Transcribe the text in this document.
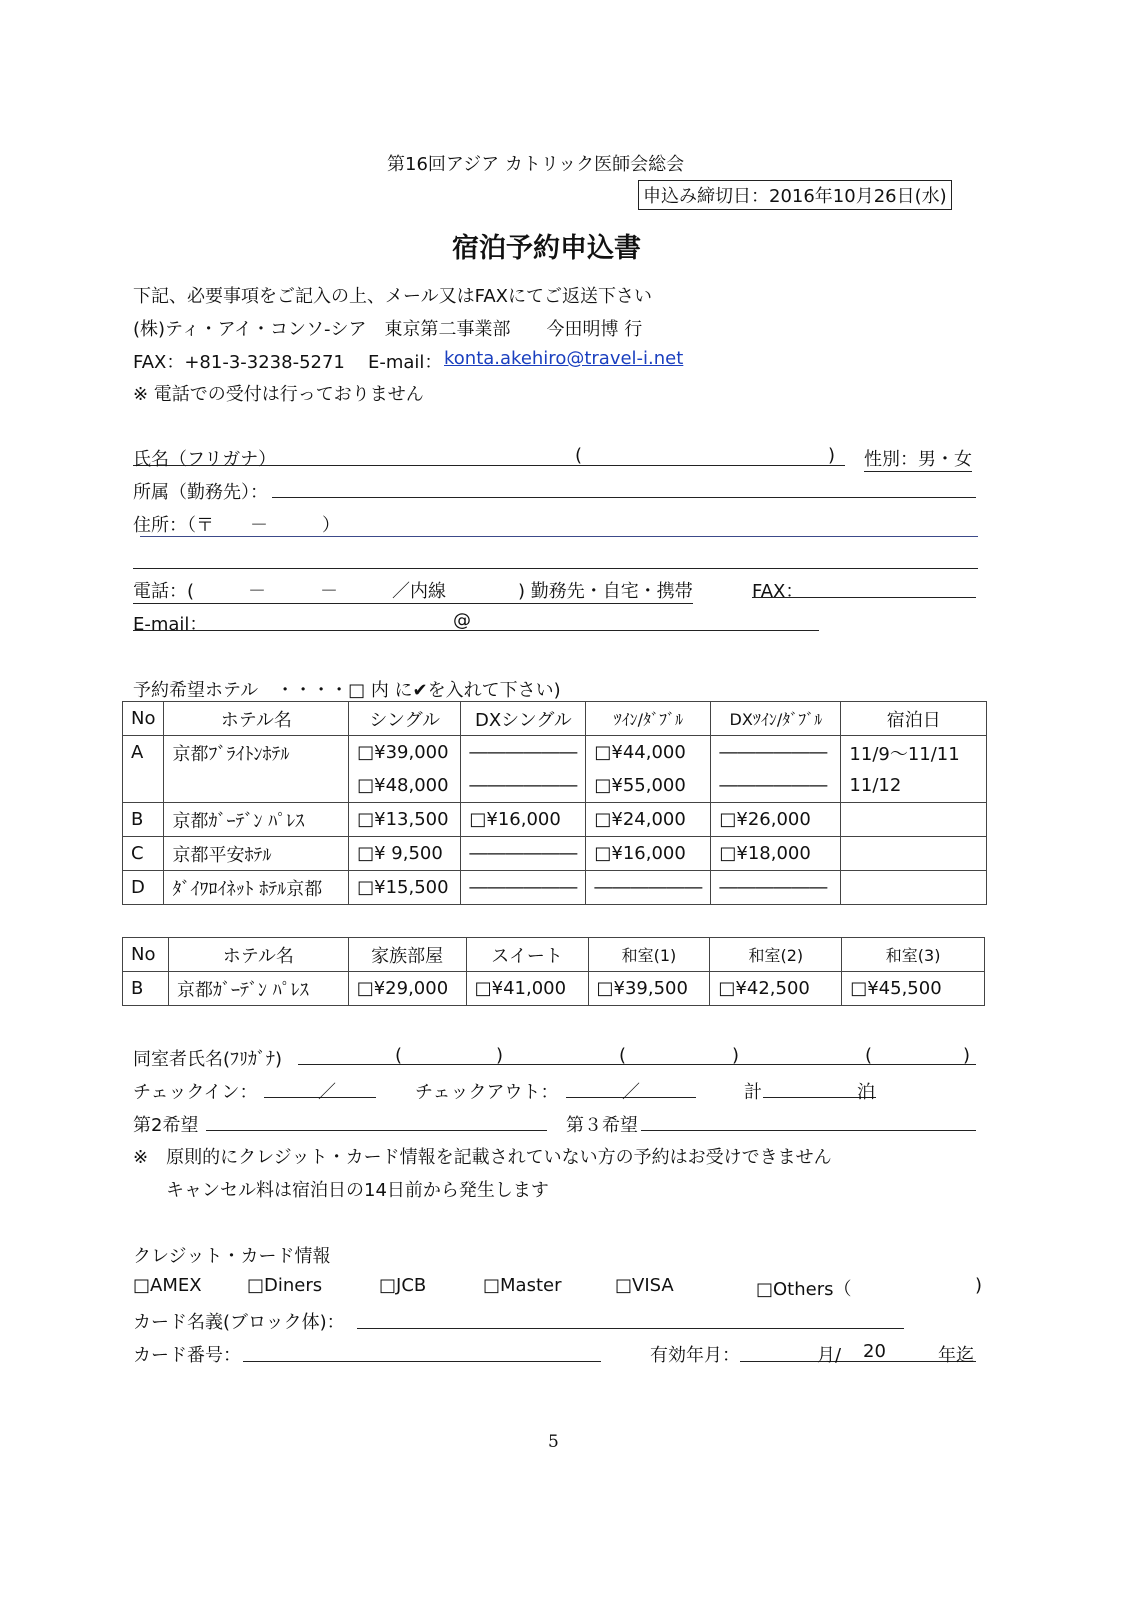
第16回アジア カトリック医師会総会
申込み締切日：2016年10月26日(水)
宿泊予約申込書
下記、必要事項をご記入の上、メール又はFAXにてご返送下さい
(株)ティ・アイ・コンソ-シア　東京第二事業部　　今田明博 行
FAX：+81-3-3238-5271 E-mail： konta.akehiro@travel-i.net
※ 電話での受付は行っておりません
氏名（フリガナ）	(	) 性別：男・女
所属（勤務先）：
住所：（〒　　－　　　）
電話：(　　　－　　　－　　　／内線　　　　) 勤務先・自宅・携帯	FAX：
E-mail：	@
予約希望ホテル　・・・・□ 内 に✔を入れて下さい)
No	ホテル名	シングル	DXシングル	ﾂｲﾝ/ﾀﾞﾌﾞﾙ	DXﾂｲﾝ/ﾀﾞﾌﾞﾙ	宿泊日
A	京都ﾌﾞﾗｲﾄﾝﾎﾃﾙ	□¥39,000	――――――	□¥44,000	――――――	11/9～11/11
		□¥48,000	――――――	□¥55,000	――――――	11/12
B	京都ｶﾞｰﾃﾞﾝ ﾊﾟﾚｽ	□¥13,500	□¥16,000	□¥24,000	□¥26,000	
C	京都平安ﾎﾃﾙ	□¥ 9,500	――――――	□¥16,000	□¥18,000	
D	ﾀﾞｲﾜﾛｲﾈｯﾄ ﾎﾃﾙ京都	□¥15,500	――――――	――――――	――――――	
No	ホテル名	家族部屋	スイート	和室(1)	和室(2)	和室(3)
B	京都ｶﾞｰﾃﾞﾝ ﾊﾟﾚｽ	□¥29,000	□¥41,000	□¥39,500	□¥42,500	□¥45,500
同室者氏名(ﾌﾘｶﾞﾅ)	(	)	(	)	(	)
チェックイン：	／	チェックアウト：	／	計	泊
第2希望	第３希望
※　原則的にクレジット・カード情報を記載されていない方の予約はお受けできません
キャンセル料は宿泊日の14日前から発生します
クレジット・カード情報
□AMEX	□Diners	□JCB	□Master	□VISA	□Others（	)
カード名義(ブロック体)：
カード番号：	有効年月：	月/ 20	年迄
5
